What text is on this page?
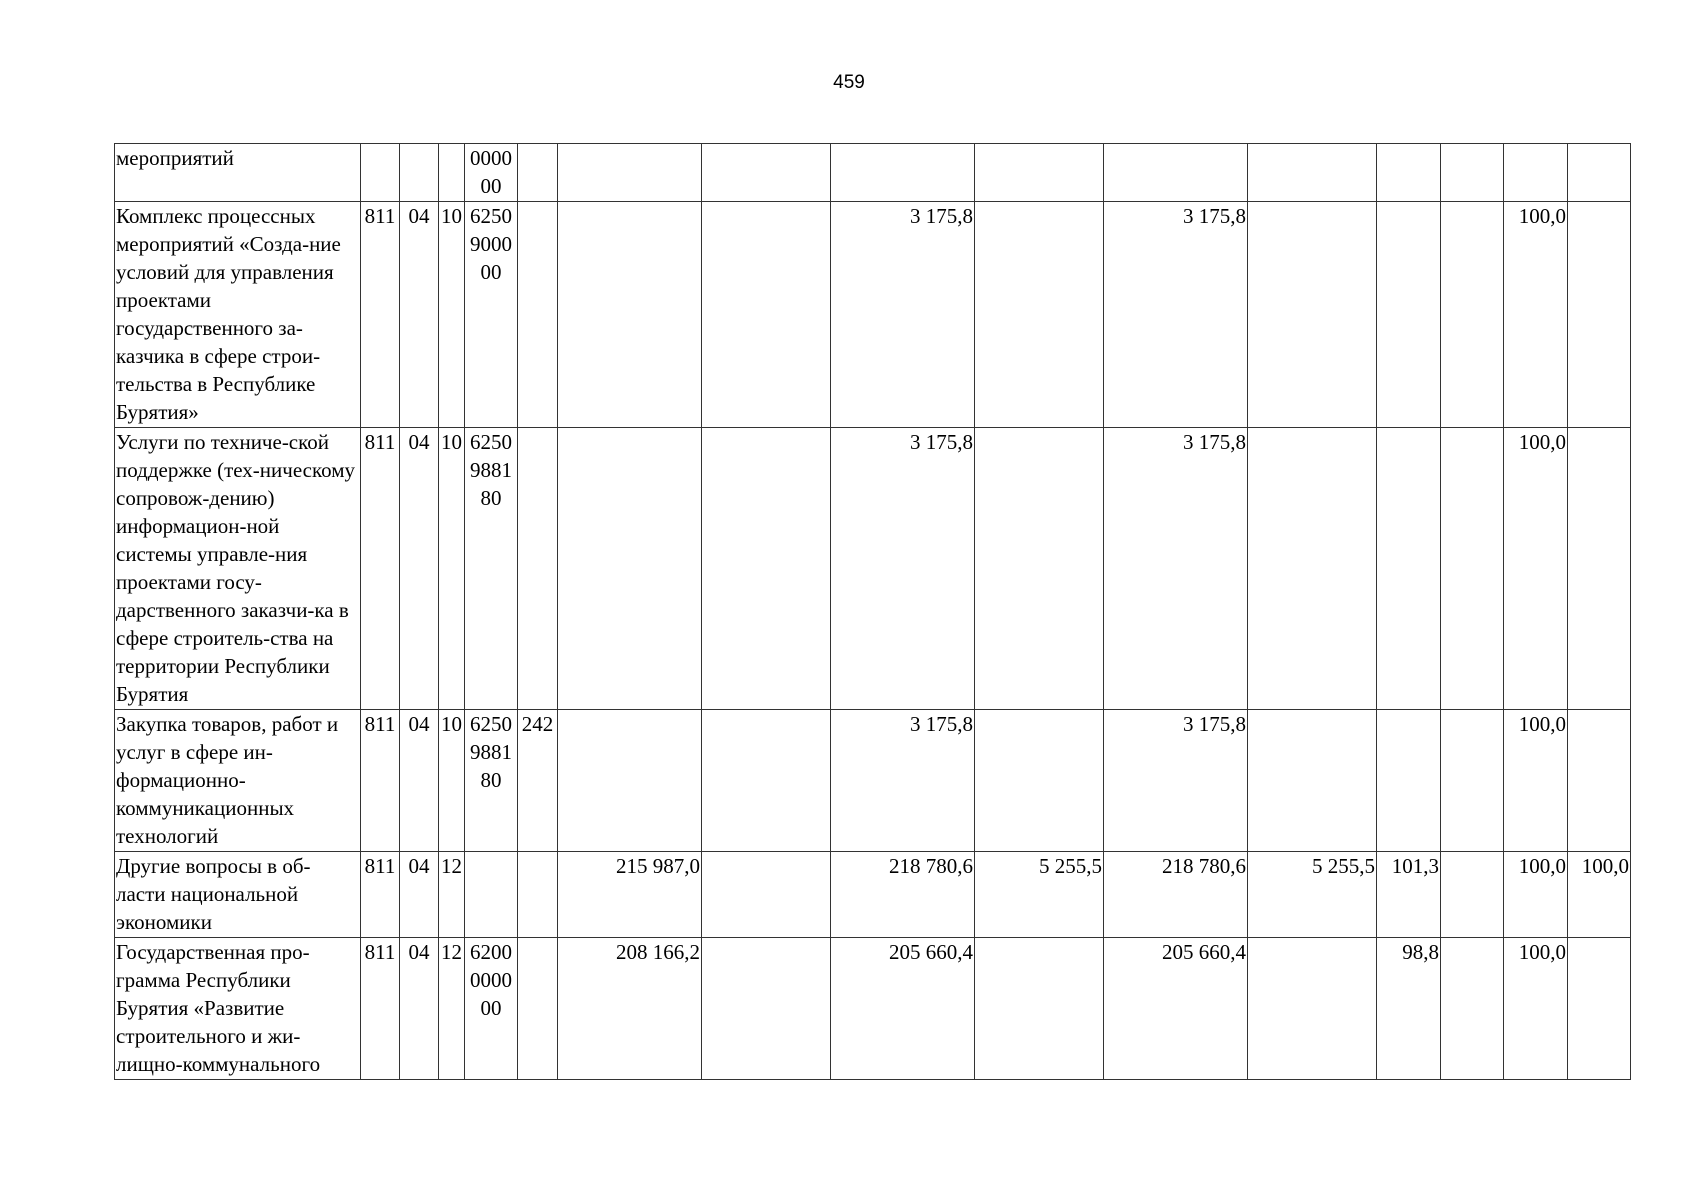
459
мероприятий				000000											
Комплекс процессных мероприятий «Созда-ние условий для управления проектами государственного за-казчика в сфере строи-тельства в Республике Бурятия»	811	04	10	6250900000				3 175,8		3 175,8				100,0	
Услуги по техниче-ской поддержке (тех-ническому сопровож-дению) информацион-ной системы управле-ния проектами госу-дарственного заказчи-ка в сфере строитель-ства на территории Республики Бурятия	811	04	10	6250988180				3 175,8		3 175,8				100,0	
Закупка товаров, работ и услуг в сфере ин-формационно-коммуникационных технологий	811	04	10	6250988180	242			3 175,8		3 175,8				100,0	
Другие вопросы в об-ласти национальной экономики	811	04	12			215 987,0		218 780,6	5 255,5	218 780,6	5 255,5	101,3		100,0	100,0
Государственная про-грамма Республики Бурятия «Развитие строительного и жи-лищно-коммунального	811	04	12	6200000000		208 166,2		205 660,4		205 660,4		98,8		100,0	
